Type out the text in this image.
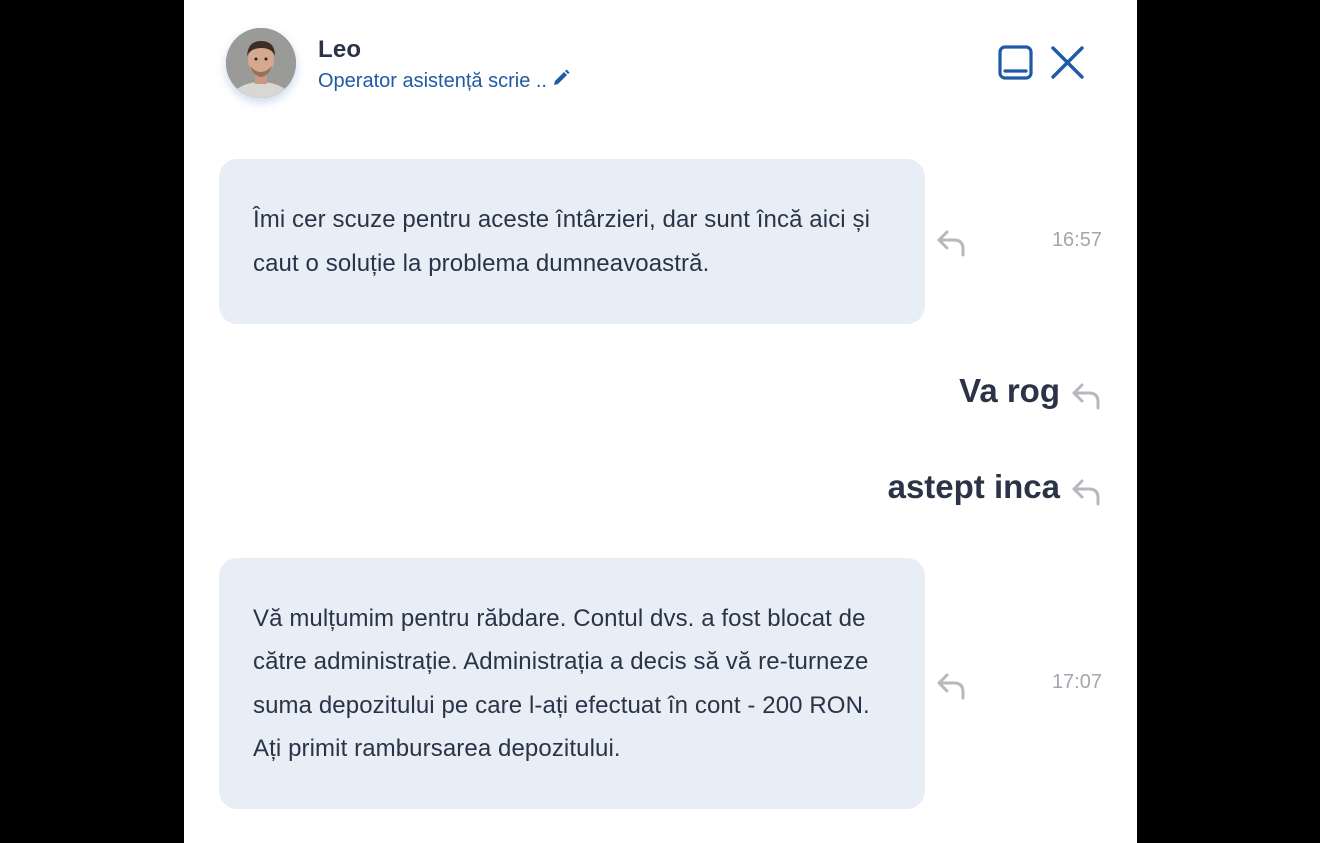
Leo
Operator asistență scrie ..
Îmi cer scuze pentru aceste întârzieri, dar sunt încă aici și caut o soluție la problema dumneavoastră.
16:57
Va rog
astept inca
Vă mulțumim pentru răbdare. Contul dvs. a fost blocat de către administrație. Administrația a decis să vă re-turneze suma depozitului pe care l-ați efectuat în cont - 200 RON. Ați primit rambursarea depozitului.
17:07
